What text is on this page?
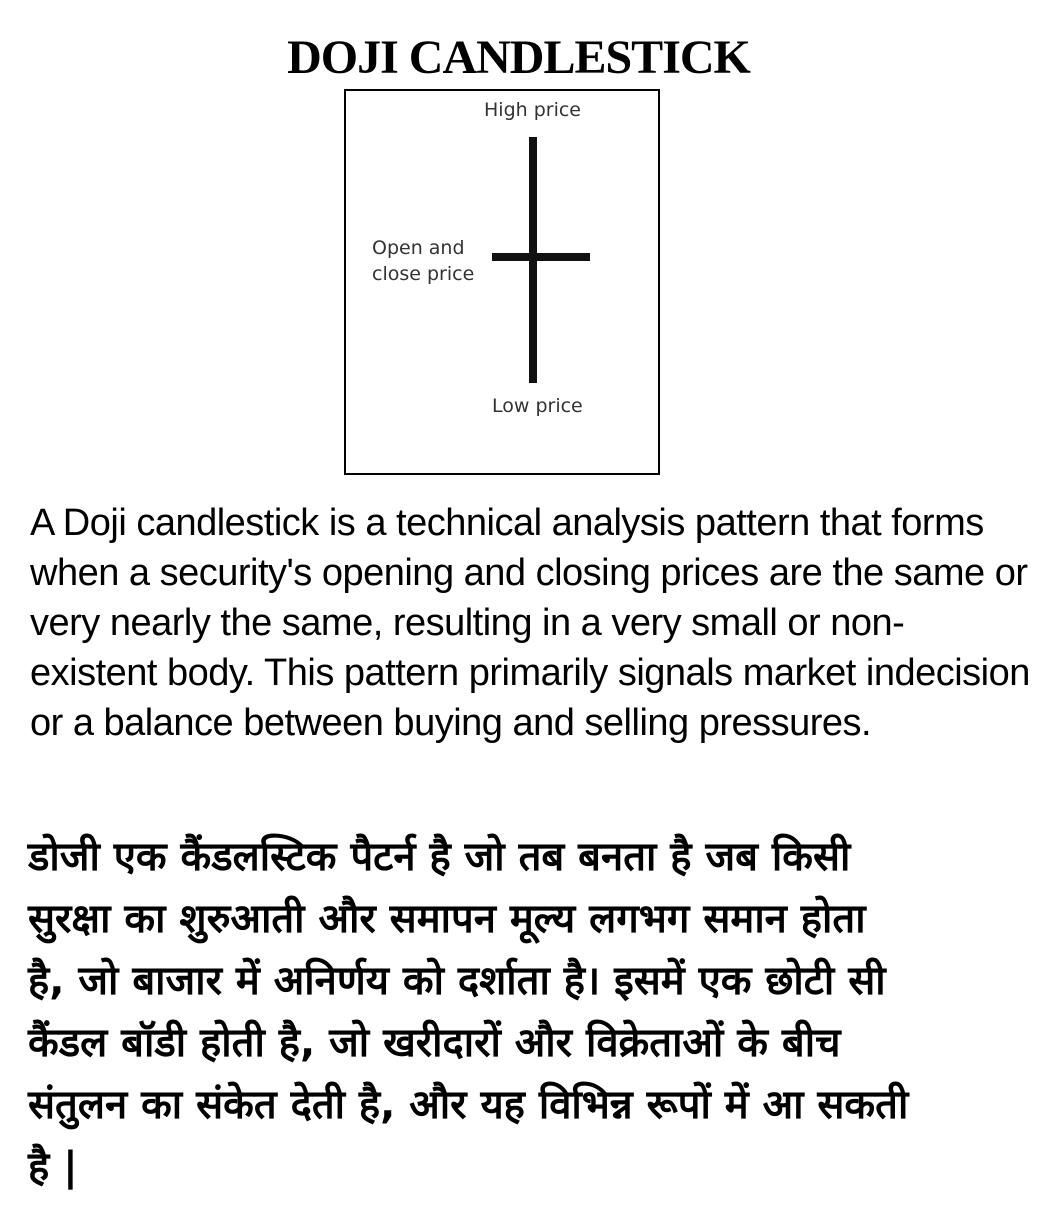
DOJI CANDLESTICK
High price
Open and
close price
Low price

A Doji candlestick is a technical analysis pattern that forms when a security's opening and closing prices are the same or very nearly the same, resulting in a very small or non-existent body. This pattern primarily signals market indecision or a balance between buying and selling pressures.

डोजी एक कैंडलस्टिक पैटर्न है जो तब बनता है जब किसी
सुरक्षा का शुरुआती और समापन मूल्य लगभग समान होता
है, जो बाजार में अनिर्णय को दर्शाता है। इसमें एक छोटी सी
कैंडल बॉडी होती है, जो खरीदारों और विक्रेताओं के बीच
संतुलन का संकेत देती है, और यह विभिन्न रूपों में आ सकती
है |
